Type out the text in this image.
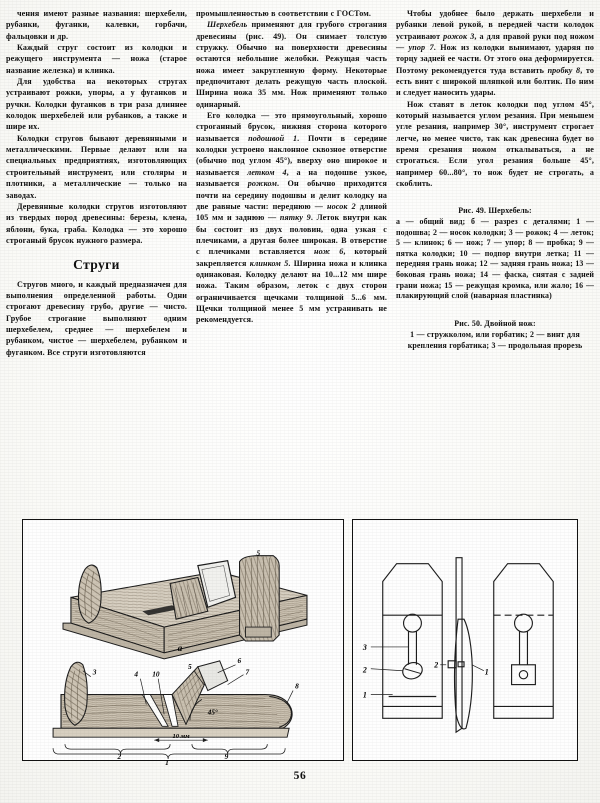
чения имеют разные названия: шерхебели, рубанки, фуганки, калевки, горбачи, фальцовки и др.

Каждый струг состоит из колодки и режущего инструмента — ножа (старое название железка) и клинка.

Для удобства на некоторых стругах устраивают рожки, упоры, а у фуганков и ручки. Колодки фуганков в три раза длиннее колодок шерхебелей или рубанков, а также и шире их.

Колодки стругов бывают деревянными и металлическими. Первые делают или на специальных предприятиях, изготовляющих строительный инструмент, или столяры и плотники, а металлические — только на заводах.

Деревянные колодки стругов изготовляют из твердых пород древесины: березы, клена, яблони, бука, граба. Колодка — это хорошо строганый брусок нужного размера.

Струги

Стругов много, и каждый предназначен для выполнения определенной работы. Одни строгают древесину грубо, другие — чисто. Грубое строгание выполняют одним шерхебелем, среднее — шерхебелем и рубанком, чистое — шерхебелем, рубанком и фуганком. Все струги изготовляются

промышленностью в соответствии с ГОСТом.

Шерхебель применяют для грубого строгания древесины (рис. 49). Он снимает толстую стружку. Обычно на поверхности древесины остаются небольшие желобки. Режущая часть ножа имеет закругленную форму. Некоторые предпочитают делать режущую часть плоской. Ширина ножа 35 мм. Нож применяют только одинарный.

Его колодка — это прямоугольный, хорошо строганный брусок, нижняя сторона которого называется подошвой 1. Почти в середине колодки устроено наклонное сквозное отверстие (обычно под углом 45°), вверху оно широкое и называется летком 4, а на подошве узкое, называется рожком. Он обычно приходится почти на середину подошвы и делит колодку на две равные части: переднюю — носок 2 длиной 105 мм и заднюю — пятку 9. Леток внутри как бы состоит из двух половин, одна узкая с плечиками, а другая более широкая. В отверстие с плечиками вставляется нож 6, который закрепляется клинком 5. Ширина ножа и клинка одинаковая. Колодку делают на 10...12 мм шире ножа. Таким образом, леток с двух сторон ограничивается щечками толщиной 5...6 мм. Щечки толщиной менее 5 мм устранивать не рекомендуется.

Чтобы удобнее было держать шерхебели и рубанки левой рукой, в передней части колодок устраивают рожок 3, а для правой руки под ножом — упор 7. Нож из колодки вынимают, ударяя по торцу задней ее части. От этого она деформируется. Поэтому рекомендуется туда вставить пробку 8, то есть винт с широкой шляпкой или болтик. По ним и следует наносить удары.

Нож ставят в леток колодки под углом 45°, который называется углом резания. При меньшем угле резания, например 30°, инструмент строгает легче, но менее чисто, так как древесина будет во время срезания ножом откалываться, а не строгаться. Если угол резания больше 45°, например 60...80°, то нож будет не строгать, а скоблить.

Рис. 49. Шерхебель:
а — общий вид; б — разрез с деталями; 1 — подошва; 2 — носок колодки; 3 — рожок; 4 — леток; 5 — клинок; 6 — нож; 7 — упор; 8 — пробка; 9 — пятка колодки; 10 — подпор внутри летка; 11 — передняя грань ножа; 12 — задняя грань ножа; 13 — боковая грань ножа; 14 — фаска, снятая с задней грани ножа; 15 — режущая кромка, или жало; 16 — плакирующий слой (наварная пластинка)
Рис. 50. Двойной нож:
1 — стружколом, или горбатик; 2 — винт для крепления горбатика; 3 — продольная прорезь
а
45°
10 мм
3	4 10
5
6
7
8
2	9
1
5
3
2
1
2
1
56
